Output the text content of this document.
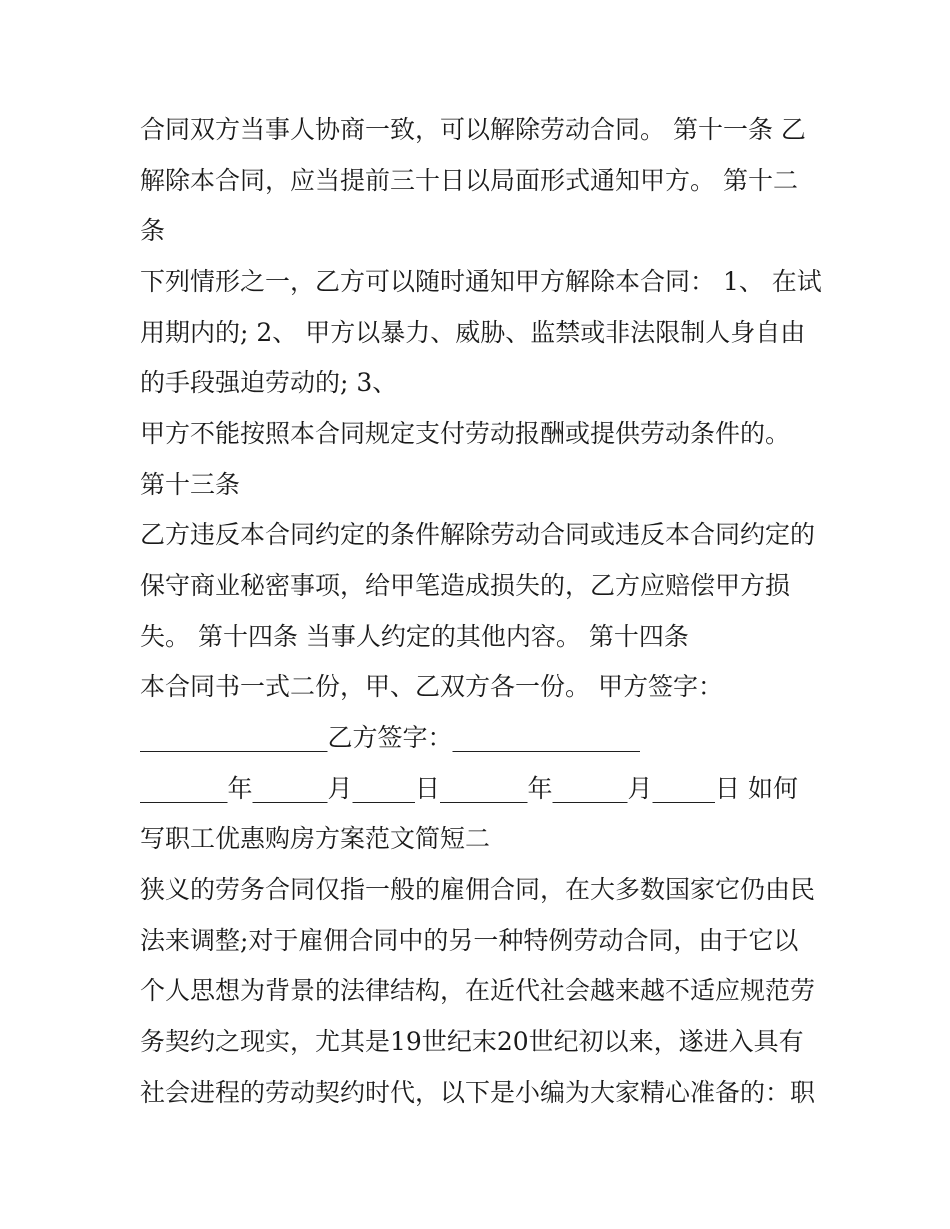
合同双方当事人协商一致，可以解除劳动合同。 第十一条 乙
解除本合同，应当提前三十日以局面形式通知甲方。 第十二
条
下列情形之一，乙方可以随时通知甲方解除本合同： 1、 在试
用期内的; 2、 甲方以暴力、威胁、监禁或非法限制人身自由
的手段强迫劳动的; 3、
甲方不能按照本合同规定支付劳动报酬或提供劳动条件的。
第十三条
乙方违反本合同约定的条件解除劳动合同或违反本合同约定的
保守商业秘密事项，给甲笔造成损失的，乙方应赔偿甲方损
失。 第十四条 当事人约定的其他内容。 第十四条
本合同书一式二份，甲、乙双方各一份。 甲方签字：
_______________乙方签字：_______________
_______年______月_____日_______年______月_____日 如何
写职工优惠购房方案范文简短二
狭义的劳务合同仅指一般的雇佣合同，在大多数国家它仍由民
法来调整;对于雇佣合同中的另一种特例劳动合同，由于它以
个人思想为背景的法律结构，在近代社会越来越不适应规范劳
务契约之现实，尤其是19世纪末20世纪初以来，遂进入具有
社会进程的劳动契约时代，以下是小编为大家精心准备的：职
